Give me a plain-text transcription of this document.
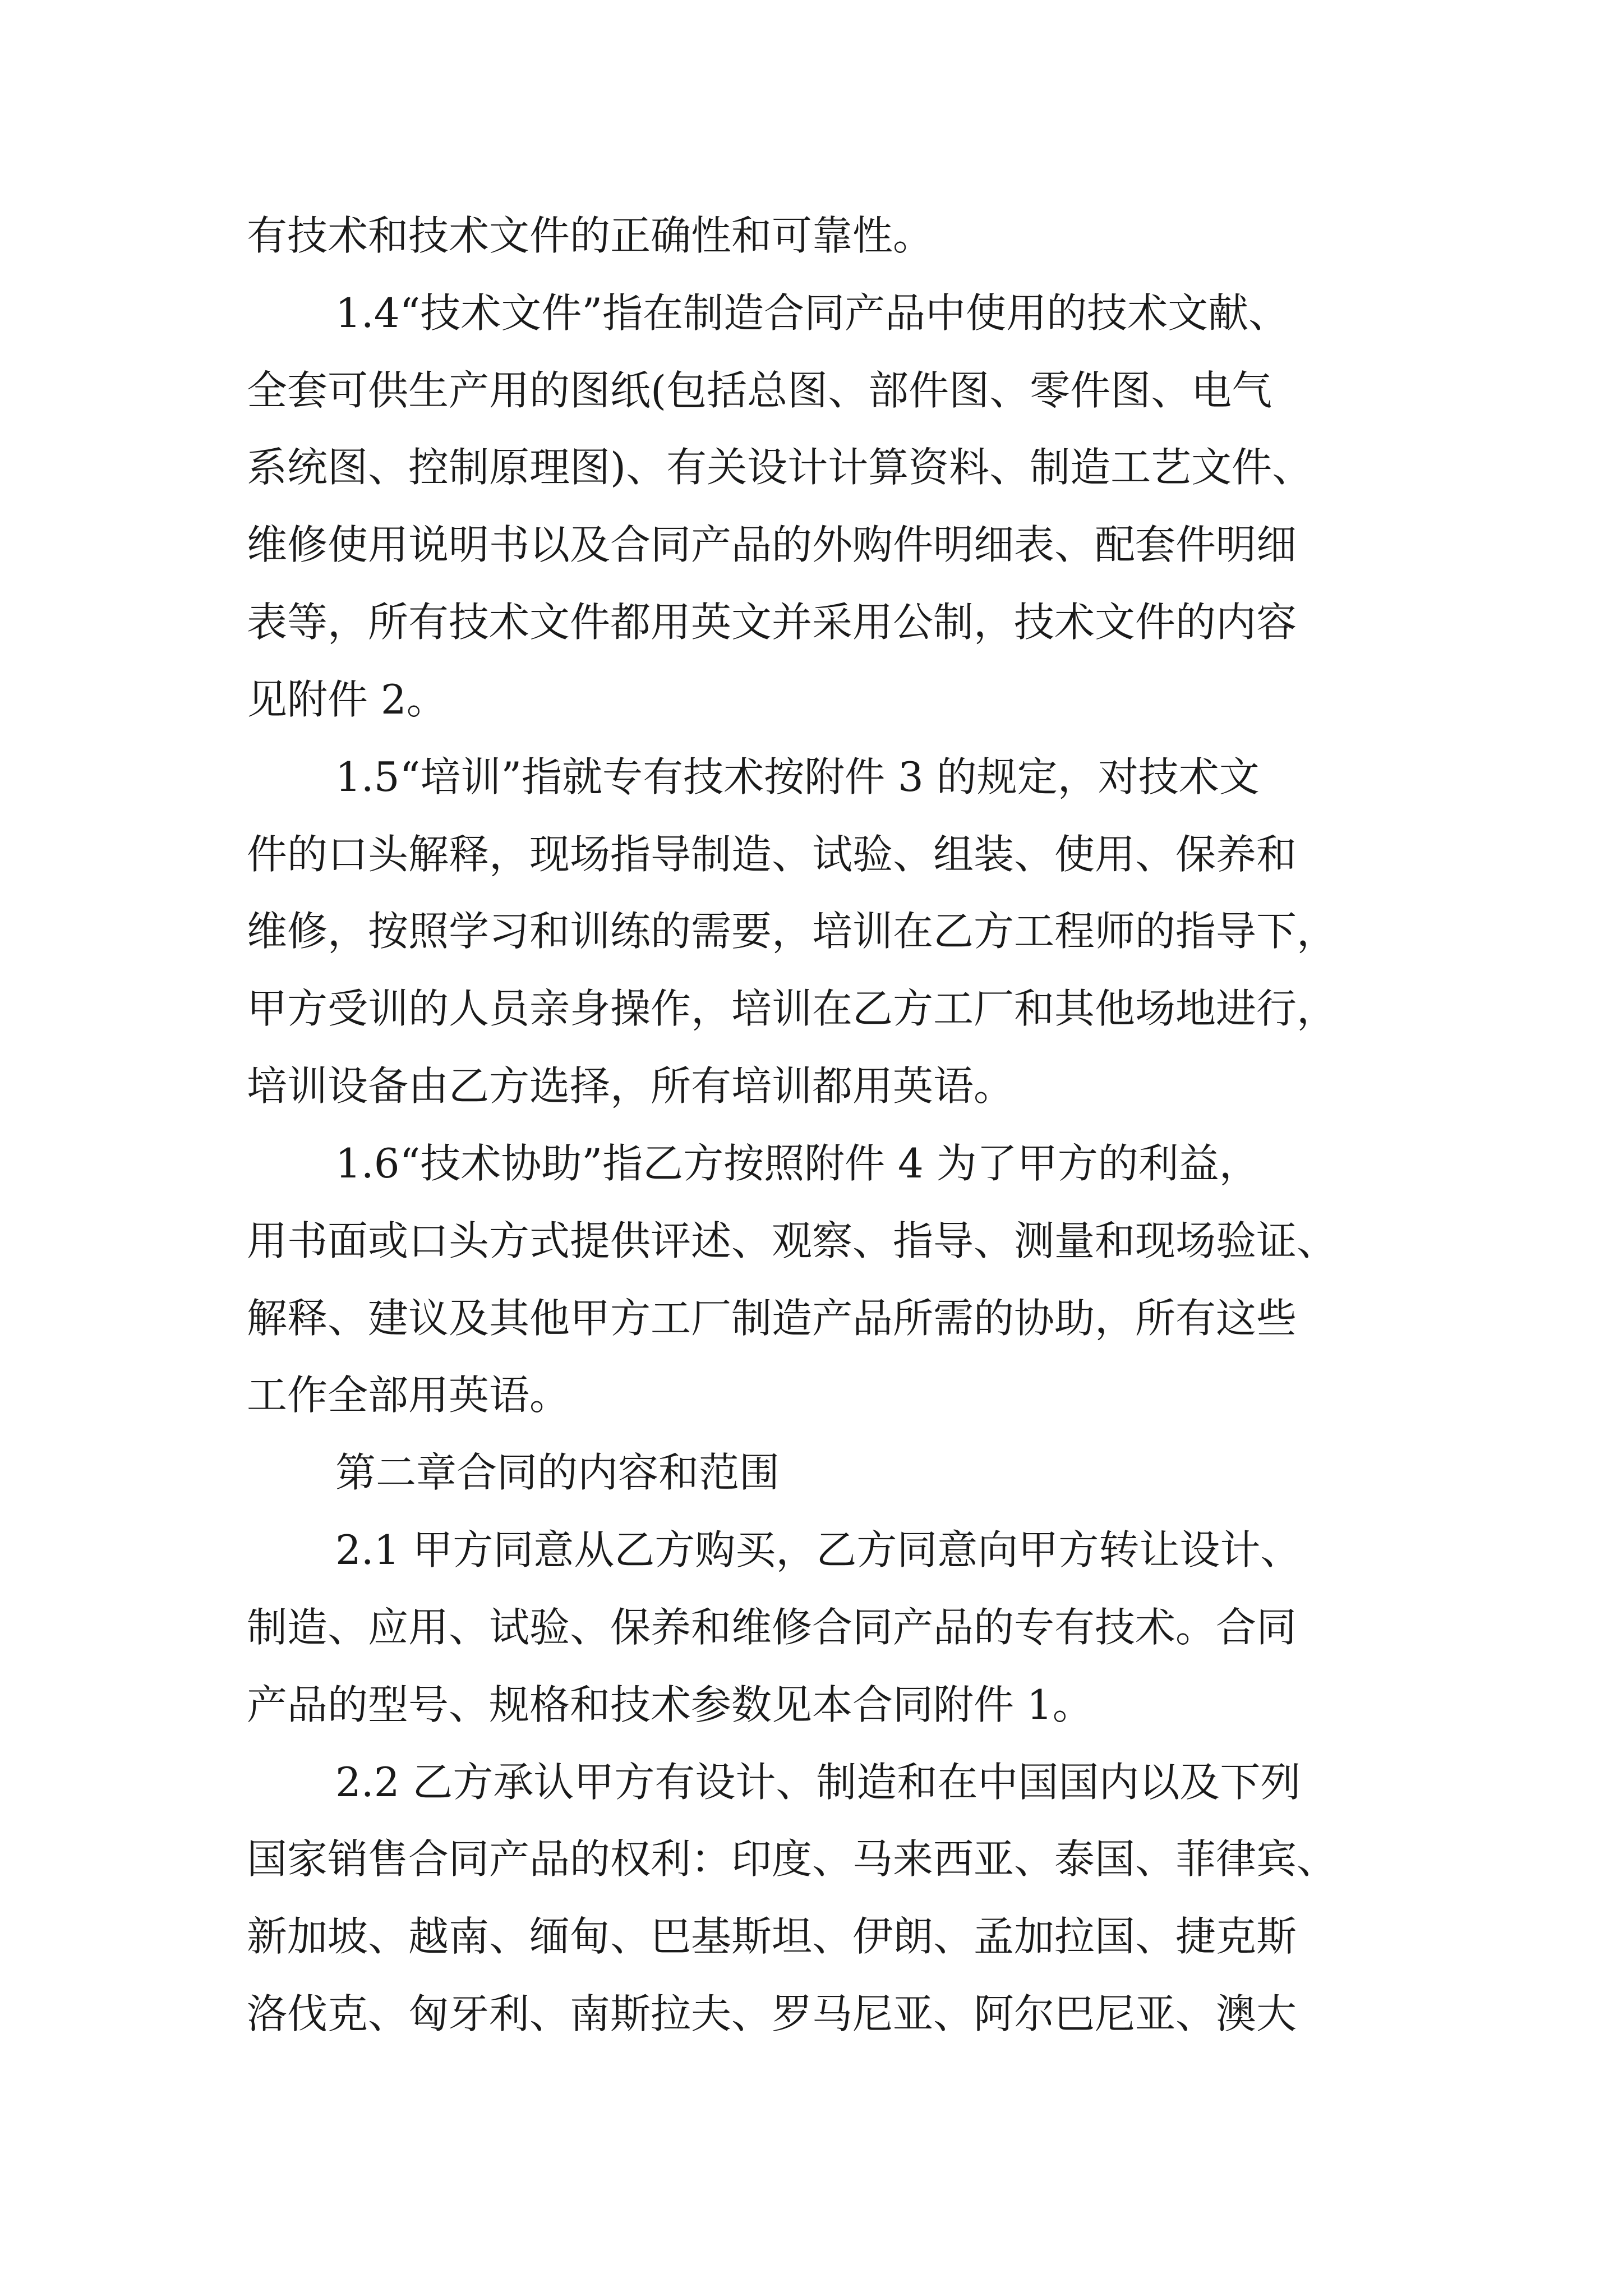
有技术和技术文件的正确性和可靠性。

1.4“技术文件”指在制造合同产品中使用的技术文献、

全套可供生产用的图纸(包括总图、部件图、零件图、电气

系统图、控制原理图)、有关设计计算资料、制造工艺文件、

维修使用说明书以及合同产品的外购件明细表、配套件明细

表等，所有技术文件都用英文并采用公制，技术文件的内容

见附件 2。

1.5“培训”指就专有技术按附件 3 的规定，对技术文

件的口头解释，现场指导制造、试验、组装、使用、保养和

维修，按照学习和训练的需要，培训在乙方工程师的指导下，

甲方受训的人员亲身操作，培训在乙方工厂和其他场地进行，

培训设备由乙方选择，所有培训都用英语。

1.6“技术协助”指乙方按照附件 4 为了甲方的利益，

用书面或口头方式提供评述、观察、指导、测量和现场验证、

解释、建议及其他甲方工厂制造产品所需的协助，所有这些

工作全部用英语。

第二章合同的内容和范围

2.1 甲方同意从乙方购买，乙方同意向甲方转让设计、

制造、应用、试验、保养和维修合同产品的专有技术。合同

产品的型号、规格和技术参数见本合同附件 1。

2.2 乙方承认甲方有设计、制造和在中国国内以及下列

国家销售合同产品的权利：印度、马来西亚、泰国、菲律宾、

新加坡、越南、缅甸、巴基斯坦、伊朗、孟加拉国、捷克斯

洛伐克、匈牙利、南斯拉夫、罗马尼亚、阿尔巴尼亚、澳大
